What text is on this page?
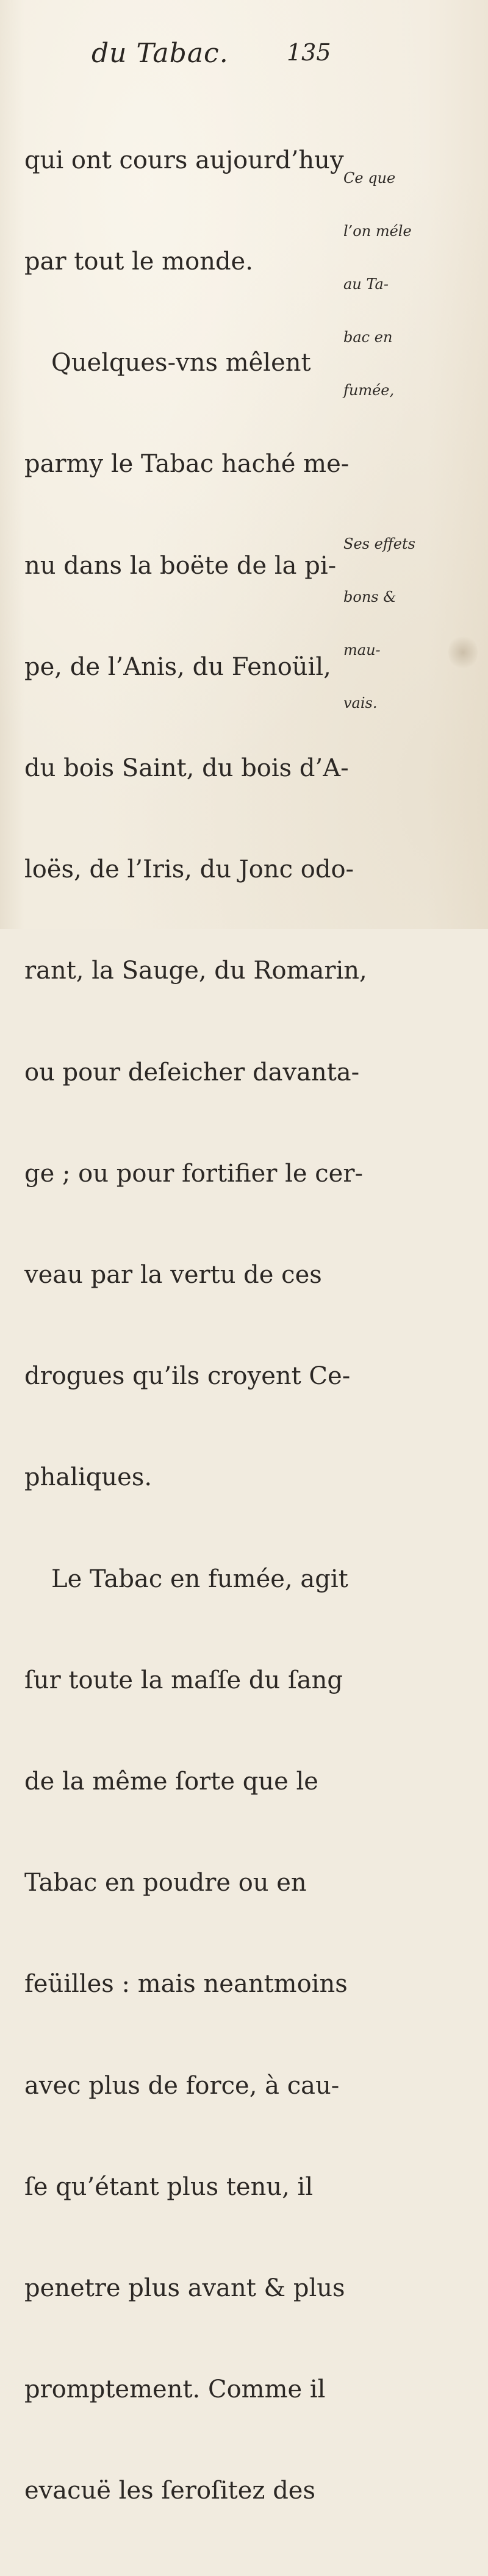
du Tabac.	135

qui ont cours aujourd’huy

par tout le monde.

Quelques-vns mêlent

parmy le Tabac haché me-

nu dans la boëte de la pi-

pe, de l’Anis, du Fenoüil,

du bois Saint, du bois d’A-

loës, de l’Iris, du Jonc odo-

rant, la Sauge, du Romarin,

ou pour deſeicher davanta-

ge ; ou pour fortifier le cer-

veau par la vertu de ces

drogues qu’ils croyent Ce-

phaliques.

Le Tabac en fumée, agit

ſur toute la maſſe du ſang

de la même ſorte que le

Tabac en poudre ou en

feüilles : mais neantmoins

avec plus de force, à cau-

ſe qu’étant plus tenu, il

penetre plus avant & plus

promptement. Comme il

evacuë les ſeroſitez des

Ce que

l’on méle

au Ta-

bac en

fumée,

Ses effets

bons &

mau-

vais.
